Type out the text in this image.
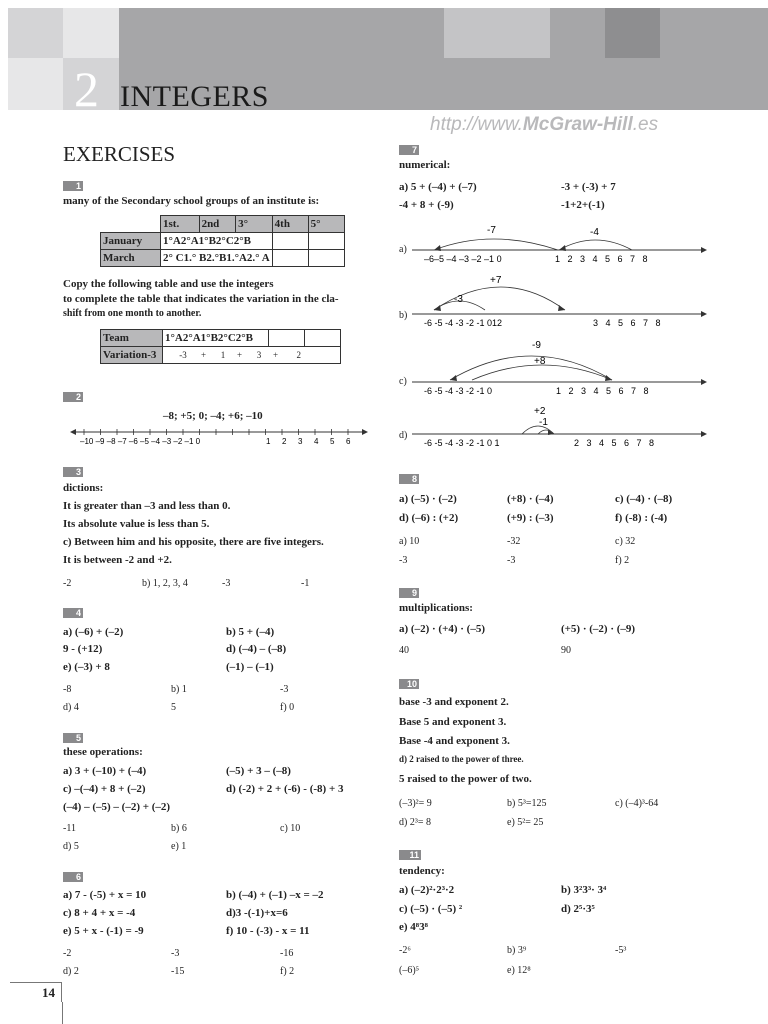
2 INTEGERS
http://www.McGraw-Hill.es
EXERCISES
1
many of the Secondary school groups of an institute is:
	1st.	2nd	3°	4th	5°
January	1°A2°A1°B2°C2°B				
March	2° C1.° B2.°B1.°A2.° A				
Copy the following table and use the integers
to complete the table that indicates the variation in the cla-
shift from one month to another.
Team	1°A2°A1°B2°C2°B		
Variation-3	-3 + 1 + 3 + 2		
2
–8; +5; 0; –4; +6; –10
–10 –9 –8 –7 –6 –5 –4 –3 –2 –1 0	1 2 3 4 5 6
3
dictions:
It is greater than –3 and less than 0.
Its absolute value is less than 5.
c) Between him and his opposite, there are five integers.
It is between -2 and +2.
-2	b) 1, 2, 3, 4	-3	-1
4
a) (–6) + (–2)	b) 5 + (–4)
9 - (+12)	d) (–4) – (–8)
e) (–3) + 8	(–1) – (–1)
-8	b) 1	-3
d) 4	5	f) 0
5
these operations:
a) 3 + (–10) + (–4)	(–5) + 3 – (–8)
c) –(–4) + 8 + (–2)	d) (-2) + 2 + (-6) - (-8) + 3
(–4) – (–5) – (–2) + (–2)
-11	b) 6	c) 10
d) 5	e) 1
6
a) 7 - (-5) + x = 10	b) (–4) + (–1) –x = –2
c) 8 + 4 + x = -4	d)3 -(-1)+x=6
e) 5 + x - (-1) = -9	f) 10 - (-3) - x = 11
-2	-3	-16
d) 2	-15	f) 2
7
numerical:
a) 5 + (–4) + (–7)	-3 + (-3) + 7
-4 + 8 + (-9)	-1+2+(-1)
a)
-7	-4
–6–5 –4 –3 –2 –1 0	1 2 3 4 5 6 7 8
b)
+7
-3
-6 -5 -4 -3 -2 -1 012	3 4 5 6 7 8
c)
-9
+8
-6 -5 -4 -3 -2 -1 0	1 2 3 4 5 6 7 8
d)
+2
-1
-6 -5 -4 -3 -2 -1 0 1	2 3 4 5 6 7 8
8
a) (–5) · (–2)	(+8) · (–4)	c) (–4) · (–8)
d) (–6) : (+2)	(+9) : (–3)	f) (-8) : (-4)
a) 10	-32	c) 32
-3	-3	f) 2
9
multiplications:
a) (–2) · (+4) · (–5)	(+5) · (–2) · (–9)
40	90
10
base -3 and exponent 2.
Base 5 and exponent 3.
Base -4 and exponent 3.
d) 2 raised to the power of three.
5 raised to the power of two.
(–3)²= 9	b) 5³=125	c) (–4)³-64
d) 2³= 8	e) 5²= 25
11
tendency:
a) (–2)²·2³·2	b) 3²3³· 3⁴
c) (–5) · (–5) ²	d) 2⁵·3⁵
e) 4⁸3⁸
-2⁶	b) 3⁹	-5³
(–6)⁵	e) 12⁸
14
